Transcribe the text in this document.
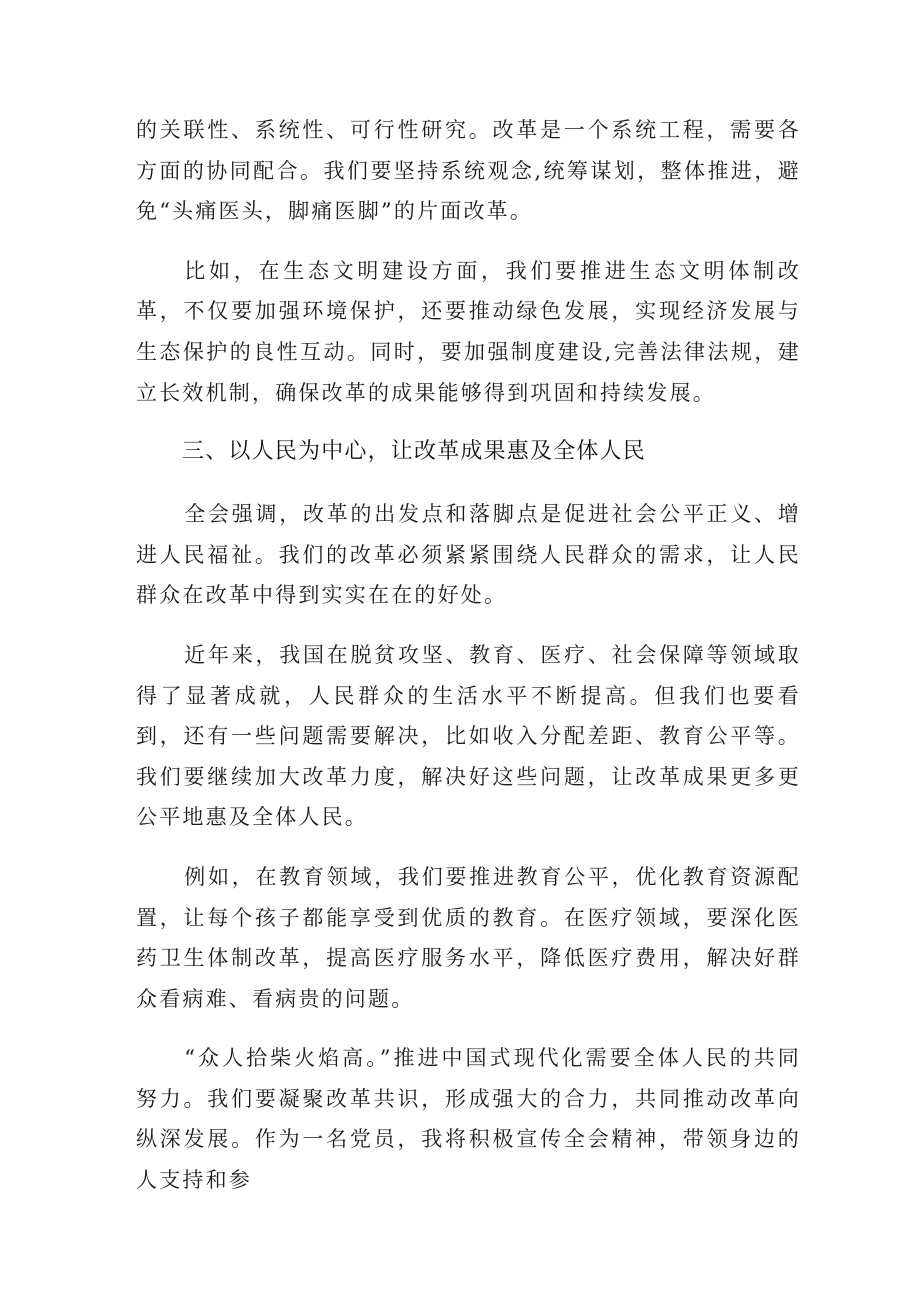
的关联性、系统性、可行性研究。改革是一个系统工程，需要各方面的协同配合。我们要坚持系统观念,统筹谋划，整体推进，避免“头痛医头，脚痛医脚”的片面改革。

比如，在生态文明建设方面，我们要推进生态文明体制改革，不仅要加强环境保护，还要推动绿色发展，实现经济发展与生态保护的良性互动。同时，要加强制度建设,完善法律法规，建立长效机制，确保改革的成果能够得到巩固和持续发展。

三、以人民为中心，让改革成果惠及全体人民

全会强调，改革的出发点和落脚点是促进社会公平正义、增进人民福祉。我们的改革必须紧紧围绕人民群众的需求，让人民群众在改革中得到实实在在的好处。

近年来，我国在脱贫攻坚、教育、医疗、社会保障等领域取得了显著成就，人民群众的生活水平不断提高。但我们也要看到，还有一些问题需要解决，比如收入分配差距、教育公平等。我们要继续加大改革力度，解决好这些问题，让改革成果更多更公平地惠及全体人民。

例如，在教育领域，我们要推进教育公平，优化教育资源配置，让每个孩子都能享受到优质的教育。在医疗领域，要深化医药卫生体制改革，提高医疗服务水平，降低医疗费用，解决好群众看病难、看病贵的问题。

“众人拾柴火焰高。”推进中国式现代化需要全体人民的共同努力。我们要凝聚改革共识，形成强大的合力，共同推动改革向纵深发展。作为一名党员，我将积极宣传全会精神，带领身边的人支持和参
